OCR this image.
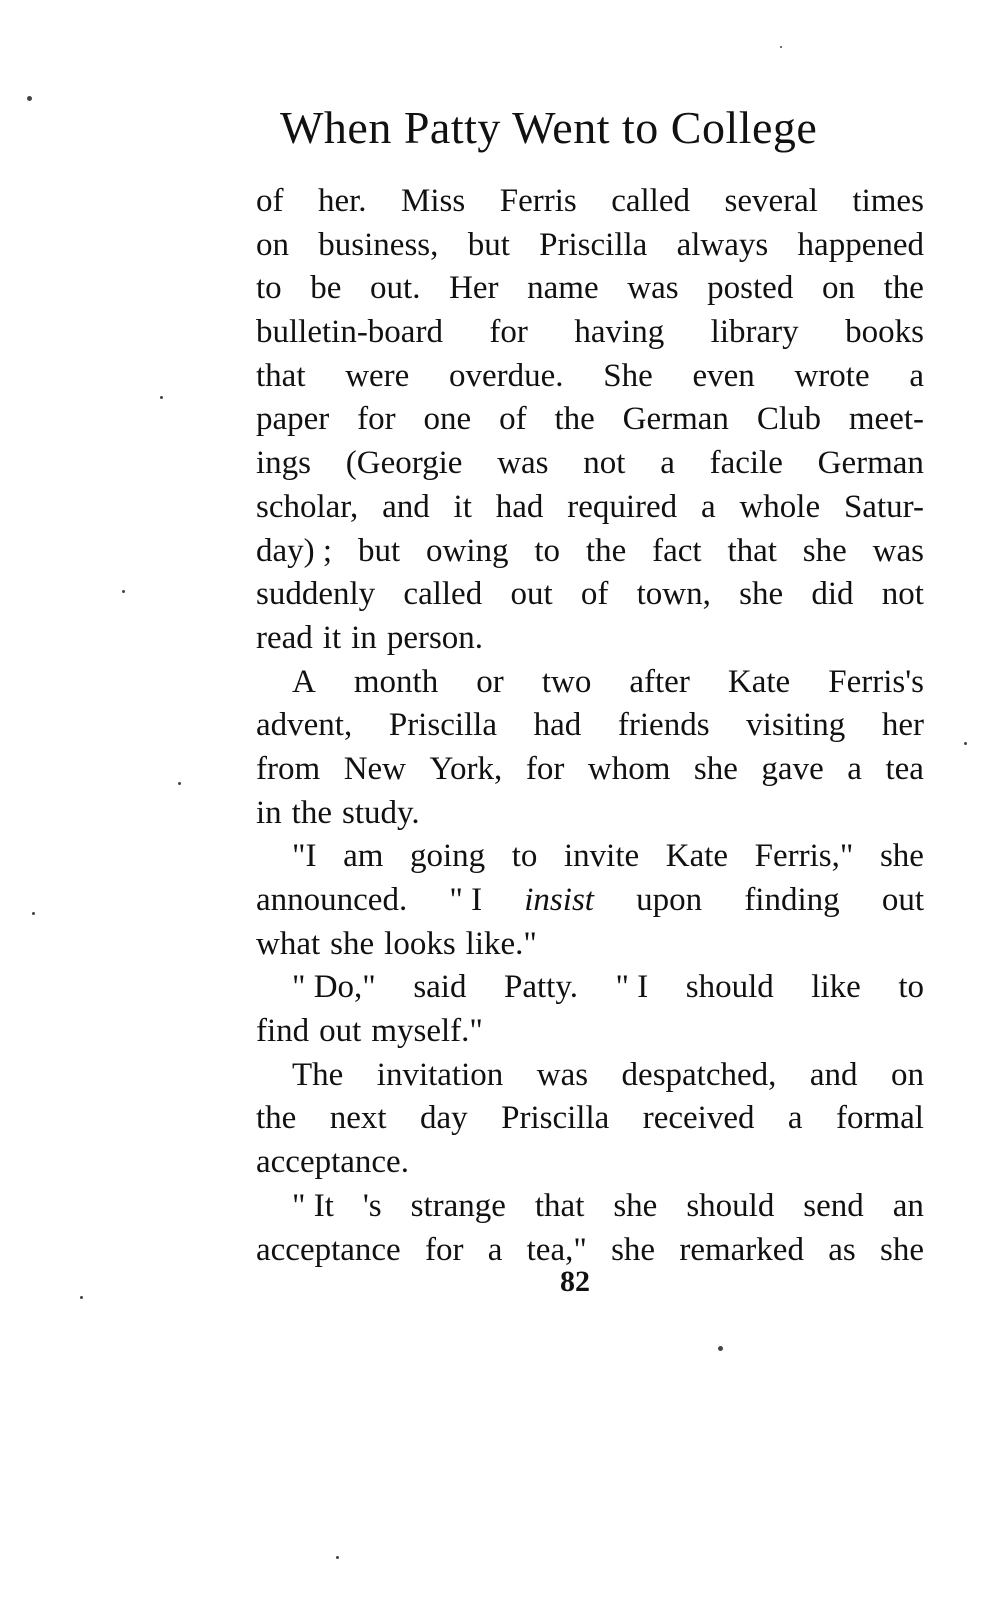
When Patty Went to College
of her. Miss Ferris called several times
on business, but Priscilla always happened
to be out. Her name was posted on the
bulletin-board for having library books
that were overdue. She even wrote a
paper for one of the German Club meet-
ings (Georgie was not a facile German
scholar, and it had required a whole Satur-
day) ; but owing to the fact that she was
suddenly called out of town, she did not
read it in person.
A month or two after Kate Ferris's
advent, Priscilla had friends visiting her
from New York, for whom she gave a tea
in the study.
"I am going to invite Kate Ferris," she
announced. " I insist upon finding out
what she looks like."
" Do," said Patty. " I should like to
find out myself."
The invitation was despatched, and on
the next day Priscilla received a formal
acceptance.
" It 's strange that she should send an
acceptance for a tea," she remarked as she
82
